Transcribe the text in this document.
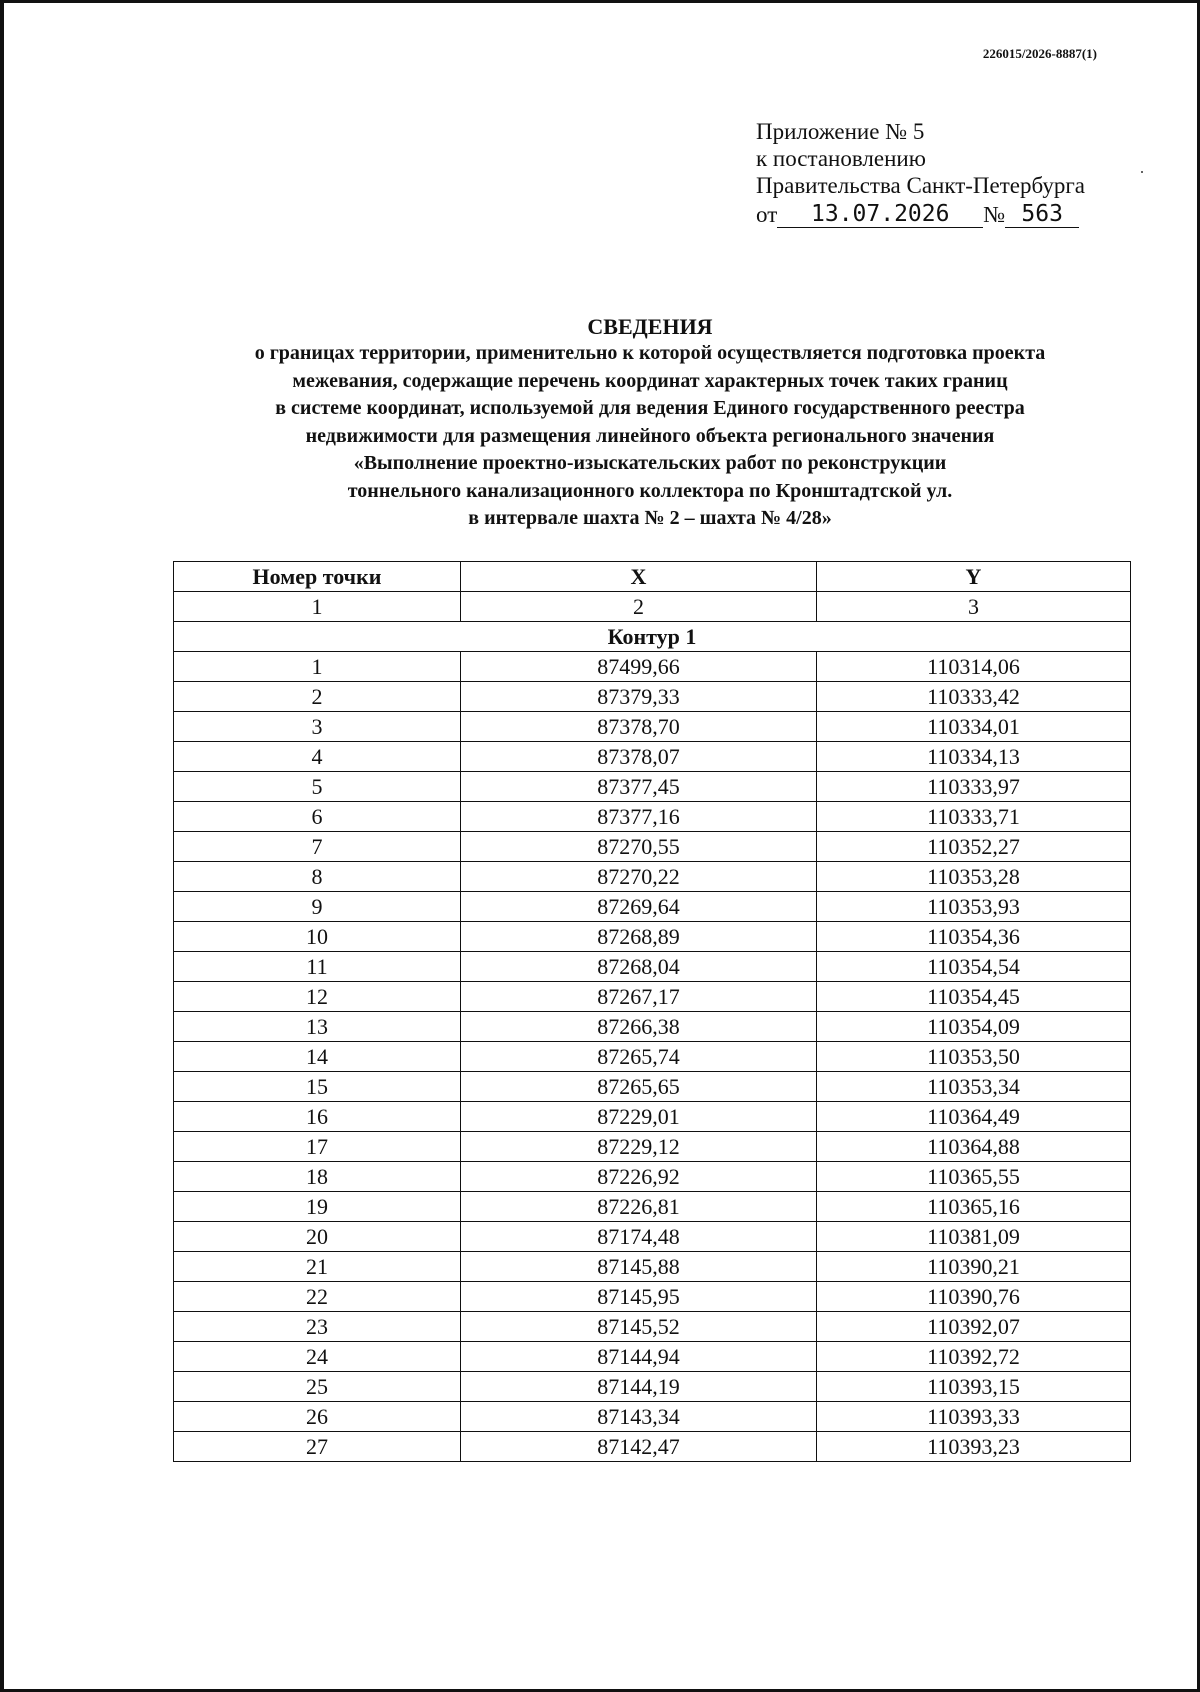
226015/2026-8887(1)
Приложение № 5
к постановлению
Правительства Санкт-Петербурга
от	13.07.2026	№ 563
СВЕДЕНИЯ

о границах территории, применительно к которой осуществляется подготовка проекта

межевания, содержащие перечень координат характерных точек таких границ

в системе координат, используемой для ведения Единого государственного реестра

недвижимости для размещения линейного объекта регионального значения

«Выполнение проектно-изыскательских работ по реконструкции

тоннельного канализационного коллектора по Кронштадтской ул.

в интервале шахта № 2 – шахта № 4/28»

Номер точки	X	Y
1	2	3
Контур 1		
1	87499,66	110314,06
2	87379,33	110333,42
3	87378,70	110334,01
4	87378,07	110334,13
5	87377,45	110333,97
6	87377,16	110333,71
7	87270,55	110352,27
8	87270,22	110353,28
9	87269,64	110353,93
10	87268,89	110354,36
11	87268,04	110354,54
12	87267,17	110354,45
13	87266,38	110354,09
14	87265,74	110353,50
15	87265,65	110353,34
16	87229,01	110364,49
17	87229,12	110364,88
18	87226,92	110365,55
19	87226,81	110365,16
20	87174,48	110381,09
21	87145,88	110390,21
22	87145,95	110390,76
23	87145,52	110392,07
24	87144,94	110392,72
25	87144,19	110393,15
26	87143,34	110393,33
27	87142,47	110393,23
